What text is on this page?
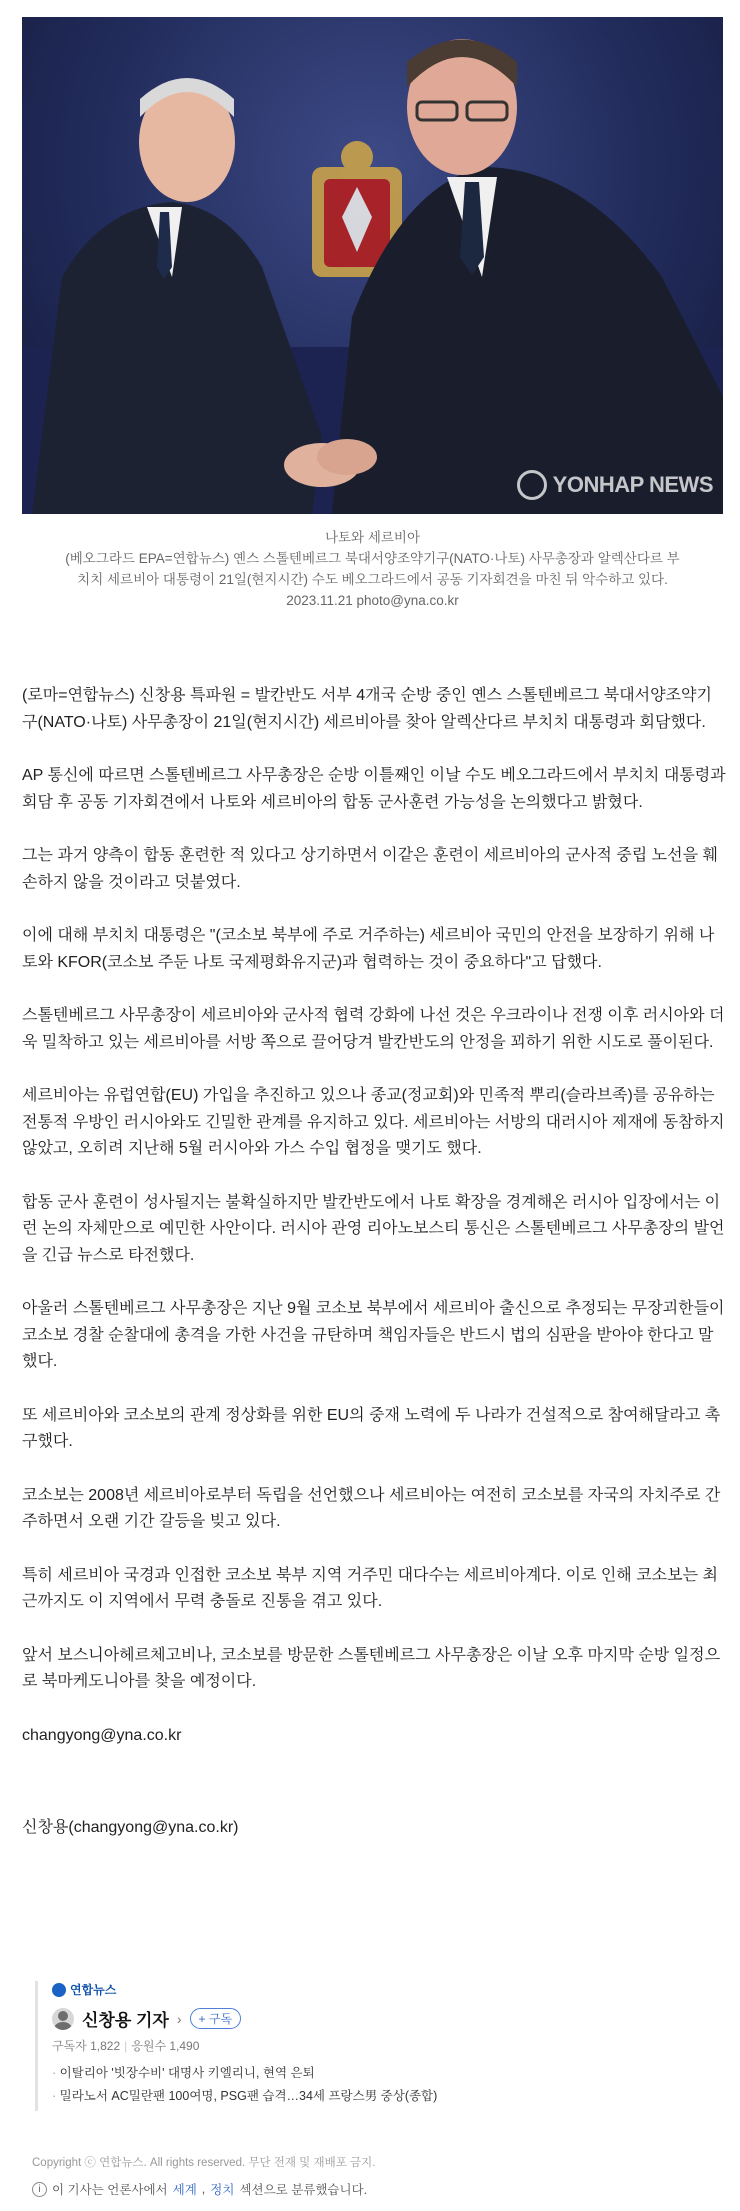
YONHAP NEWS
나토와 세르비아
(베오그라드 EPA=연합뉴스) 옌스 스톨텐베르그 북대서양조약기구(NATO·나토) 사무총장과 알렉산다르 부
치치 세르비아 대통령이 21일(현지시간) 수도 베오그라드에서 공동 기자회견을 마친 뒤 악수하고 있다.
2023.11.21 photo@yna.co.kr

(로마=연합뉴스) 신창용 특파원 = 발칸반도 서부 4개국 순방 중인 옌스 스톨텐베르그 북대서양조약기구(NATO·나토) 사무총장이 21일(현지시간) 세르비아를 찾아 알렉산다르 부치치 대통령과 회담했다.

AP 통신에 따르면 스톨텐베르그 사무총장은 순방 이틀째인 이날 수도 베오그라드에서 부치치 대통령과 회담 후 공동 기자회견에서 나토와 세르비아의 합동 군사훈련 가능성을 논의했다고 밝혔다.

그는 과거 양측이 합동 훈련한 적 있다고 상기하면서 이같은 훈련이 세르비아의 군사적 중립 노선을 훼손하지 않을 것이라고 덧붙였다.

이에 대해 부치치 대통령은 "(코소보 북부에 주로 거주하는) 세르비아 국민의 안전을 보장하기 위해 나토와 KFOR(코소보 주둔 나토 국제평화유지군)과 협력하는 것이 중요하다"고 답했다.

스톨텐베르그 사무총장이 세르비아와 군사적 협력 강화에 나선 것은 우크라이나 전쟁 이후 러시아와 더욱 밀착하고 있는 세르비아를 서방 쪽으로 끌어당겨 발칸반도의 안정을 꾀하기 위한 시도로 풀이된다.

세르비아는 유럽연합(EU) 가입을 추진하고 있으나 종교(정교회)와 민족적 뿌리(슬라브족)를 공유하는 전통적 우방인 러시아와도 긴밀한 관계를 유지하고 있다. 세르비아는 서방의 대러시아 제재에 동참하지 않았고, 오히려 지난해 5월 러시아와 가스 수입 협정을 맺기도 했다.

합동 군사 훈련이 성사될지는 불확실하지만 발칸반도에서 나토 확장을 경계해온 러시아 입장에서는 이런 논의 자체만으로 예민한 사안이다. 러시아 관영 리아노보스티 통신은 스톨텐베르그 사무총장의 발언을 긴급 뉴스로 타전했다.

아울러 스톨텐베르그 사무총장은 지난 9월 코소보 북부에서 세르비아 출신으로 추정되는 무장괴한들이 코소보 경찰 순찰대에 총격을 가한 사건을 규탄하며 책임자들은 반드시 법의 심판을 받아야 한다고 말했다.

또 세르비아와 코소보의 관계 정상화를 위한 EU의 중재 노력에 두 나라가 건설적으로 참여해달라고 촉구했다.

코소보는 2008년 세르비아로부터 독립을 선언했으나 세르비아는 여전히 코소보를 자국의 자치주로 간주하면서 오랜 기간 갈등을 빚고 있다.

특히 세르비아 국경과 인접한 코소보 북부 지역 거주민 대다수는 세르비아계다. 이로 인해 코소보는 최근까지도 이 지역에서 무력 충돌로 진통을 겪고 있다.

앞서 보스니아헤르체고비나, 코소보를 방문한 스톨텐베르그 사무총장은 이날 오후 마지막 순방 일정으로 북마케도니아를 찾을 예정이다.

changyong@yna.co.kr

신창용(changyong@yna.co.kr)

연합뉴스
신창용 기자 ›	+ 구독
구독자 1,822 | 응원수 1,490
· 이탈리아 '빗장수비' 대명사 키엘리니, 현역 은퇴
· 밀라노서 AC밀란팬 100여명, PSG팬 습격…34세 프랑스男 중상(종합)
Copyright ⓒ 연합뉴스. All rights reserved. 무단 전재 및 재배포 금지.
i 이 기사는 언론사에서 세계 , 정치 섹션으로 분류했습니다.
